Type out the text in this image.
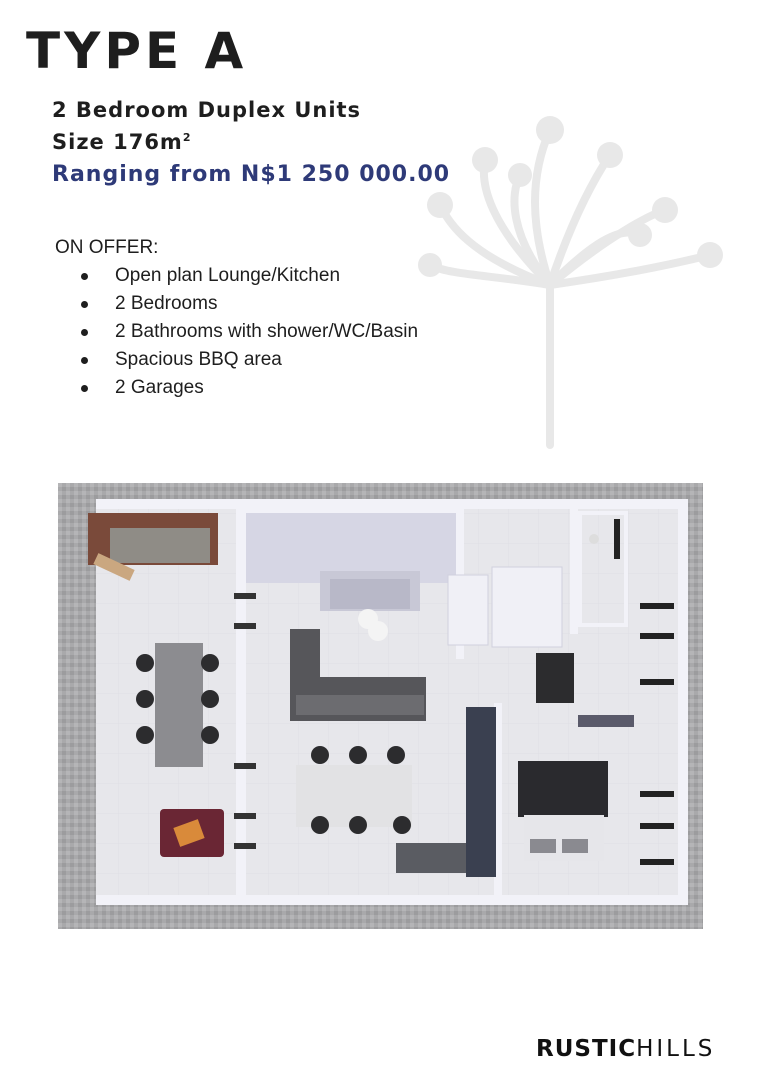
TYPE A
2 Bedroom Duplex Units
Size $176m^2$
Ranging from N$1 250 000.00
ON OFFER:
Open plan Lounge/Kitchen
2 Bedrooms
2 Bathrooms with shower/WC/Basin
Spacious BBQ area
2 Garages
RUSTICHILLS
